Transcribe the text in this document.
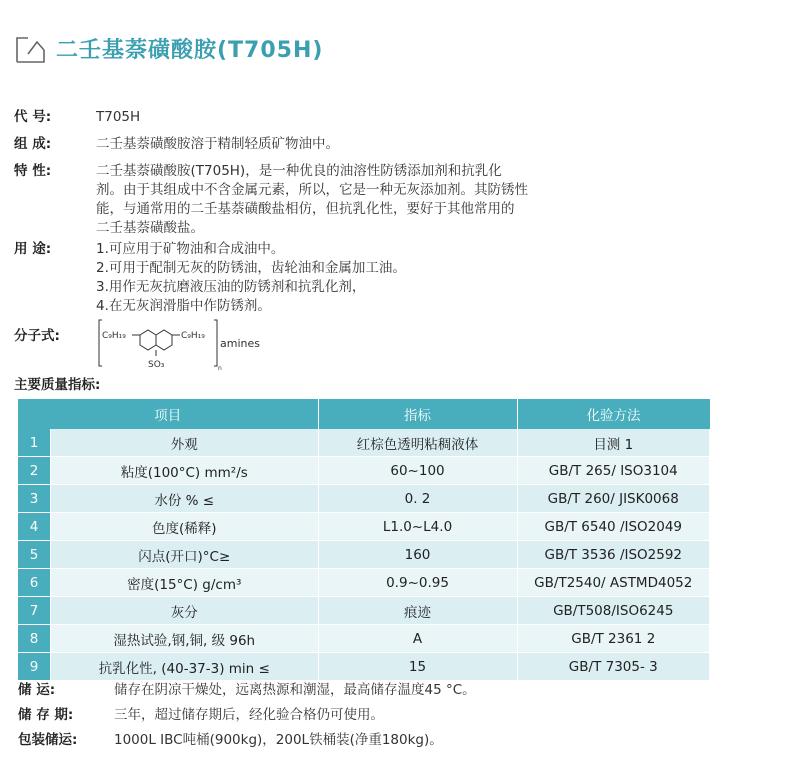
二壬基萘磺酸胺(T705H)
代 号:	T705H

组 成:	二壬基萘磺酸胺溶于精制轻质矿物油中。

特 性:	二壬基萘磺酸胺(T705H)，是一种优良的油溶性防锈添加剂和抗乳化

剂。由于其组成中不含金属元素，所以，它是一种无灰添加剂。其防锈性

能，与通常用的二壬基萘磺酸盐相仿，但抗乳化性，要好于其他常用的

二壬基萘磺酸盐。

用 途:	1.可应用于矿物油和合成油中。

2.可用于配制无灰的防锈油，齿轮油和金属加工油。

3.用作无灰抗磨液压油的防锈剂和抗乳化剂，

4.在无灰润滑脂中作防锈剂。

分子式:	C₉H₁₉	C₉H₁₉
SO₃
amines
n
主要质量指标:
项目		指标	化验方法
1	外观	红棕色透明粘稠液体	目测 1
2	粘度(100°C) mm²/s	60~100	GB/T 265/ ISO3104
3	水份 % ≤	0. 2	GB/T 260/ JISK0068
4	色度(稀释)	L1.0~L4.0	GB/T 6540 /ISO2049
5	闪点(开口)°C≥	160	GB/T 3536 /ISO2592
6	密度(15°C) g/cm³	0.9~0.95	GB/T2540/ ASTMD4052
7	灰分	痕迹	GB/T508/ISO6245
8	湿热试验,钢,铜, 级 96h	A	GB/T 2361 2
9	抗乳化性, (40-37-3) min ≤	15	GB/T 7305- 3
储 运:	储存在阴凉干燥处，远离热源和潮湿，最高储存温度45 °C。
储 存 期:	三年，超过储存期后，经化验合格仍可使用。
包装储运:	1000L IBC吨桶(900kg)，200L铁桶装(净重180kg)。
